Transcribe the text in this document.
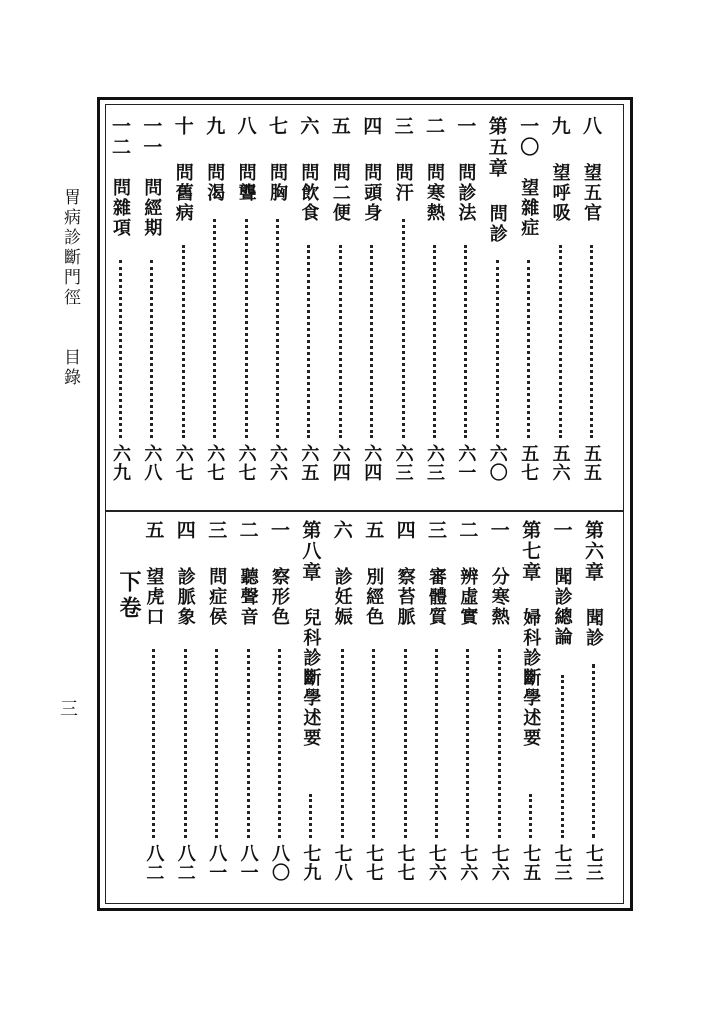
胃病診斷門徑
目錄
三
下卷
八
望五官
五五
九
望呼吸
五六
一〇
望雜症
五七
第五章
問診
六〇
一
問診法
六一
二
問寒熱
六三
三
問汗
六三
四
問頭身
六四
五
問二便
六四
六
問飲食
六五
七
問胸
六六
八
問聾
六七
九
問渴
六七
十
問舊病
六七
一一
問經期
六八
一二
問雜項
六九
第六章
聞診
七三
一
聞診總論
七三
第七章
婦科診斷學述要
七五
一
分寒熱
七六
二
辨虛實
七六
三
審體質
七六
四
察苔脈
七七
五
別經色
七七
六
診妊娠
七八
第八章
兒科診斷學述要
七九
一
察形色
八〇
二
聽聲音
八一
三
問症侯
八一
四
診脈象
八二
五
望虎口
八二
